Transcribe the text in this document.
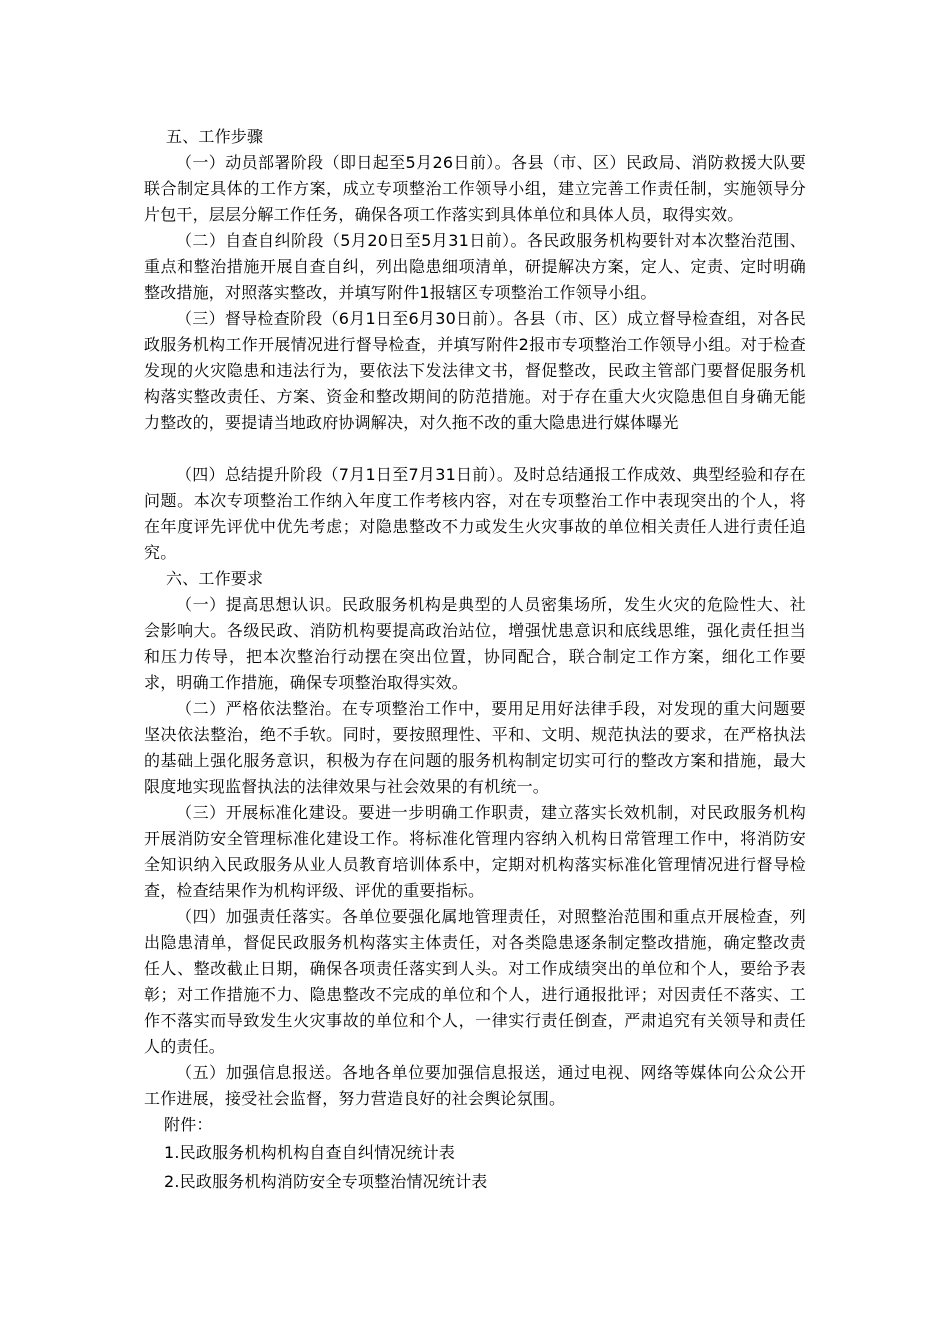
五、工作步骤

（一）动员部署阶段（即日起至5月26日前）。各县（市、区）民政局、消防救援大队要联合制定具体的工作方案，成立专项整治工作领导小组，建立完善工作责任制，实施领导分片包干，层层分解工作任务，确保各项工作落实到具体单位和具体人员，取得实效。

（二）自查自纠阶段（5月20日至5月31日前）。各民政服务机构要针对本次整治范围、重点和整治措施开展自查自纠，列出隐患细项清单，研提解决方案，定人、定责、定时明确整改措施，对照落实整改，并填写附件1报辖区专项整治工作领导小组。

（三）督导检查阶段（6月1日至6月30日前）。各县（市、区）成立督导检查组，对各民政服务机构工作开展情况进行督导检查，并填写附件2报市专项整治工作领导小组。对于检查发现的火灾隐患和违法行为，要依法下发法律文书，督促整改，民政主管部门要督促服务机构落实整改责任、方案、资金和整改期间的防范措施。对于存在重大火灾隐患但自身确无能力整改的，要提请当地政府协调解决，对久拖不改的重大隐患进行媒体曝光

（四）总结提升阶段（7月1日至7月31日前）。及时总结通报工作成效、典型经验和存在问题。本次专项整治工作纳入年度工作考核内容，对在专项整治工作中表现突出的个人，将在年度评先评优中优先考虑；对隐患整改不力或发生火灾事故的单位相关责任人进行责任追究。

六、工作要求

（一）提高思想认识。民政服务机构是典型的人员密集场所，发生火灾的危险性大、社会影响大。各级民政、消防机构要提高政治站位，增强忧患意识和底线思维，强化责任担当和压力传导，把本次整治行动摆在突出位置，协同配合，联合制定工作方案，细化工作要求，明确工作措施，确保专项整治取得实效。

（二）严格依法整治。在专项整治工作中，要用足用好法律手段，对发现的重大问题要坚决依法整治，绝不手软。同时，要按照理性、平和、文明、规范执法的要求，在严格执法的基础上强化服务意识，积极为存在问题的服务机构制定切实可行的整改方案和措施，最大限度地实现监督执法的法律效果与社会效果的有机统一。

（三）开展标准化建设。要进一步明确工作职责，建立落实长效机制，对民政服务机构开展消防安全管理标准化建设工作。将标准化管理内容纳入机构日常管理工作中，将消防安全知识纳入民政服务从业人员教育培训体系中，定期对机构落实标准化管理情况进行督导检查，检查结果作为机构评级、评优的重要指标。

（四）加强责任落实。各单位要强化属地管理责任，对照整治范围和重点开展检查，列出隐患清单，督促民政服务机构落实主体责任，对各类隐患逐条制定整改措施，确定整改责任人、整改截止日期，确保各项责任落实到人头。对工作成绩突出的单位和个人，要给予表彰；对工作措施不力、隐患整改不完成的单位和个人，进行通报批评；对因责任不落实、工作不落实而导致发生火灾事故的单位和个人，一律实行责任倒查，严肃追究有关领导和责任人的责任。

（五）加强信息报送。各地各单位要加强信息报送，通过电视、网络等媒体向公众公开工作进展，接受社会监督，努力营造良好的社会舆论氛围。

附件：

1.民政服务机构机构自查自纠情况统计表

2.民政服务机构消防安全专项整治情况统计表
